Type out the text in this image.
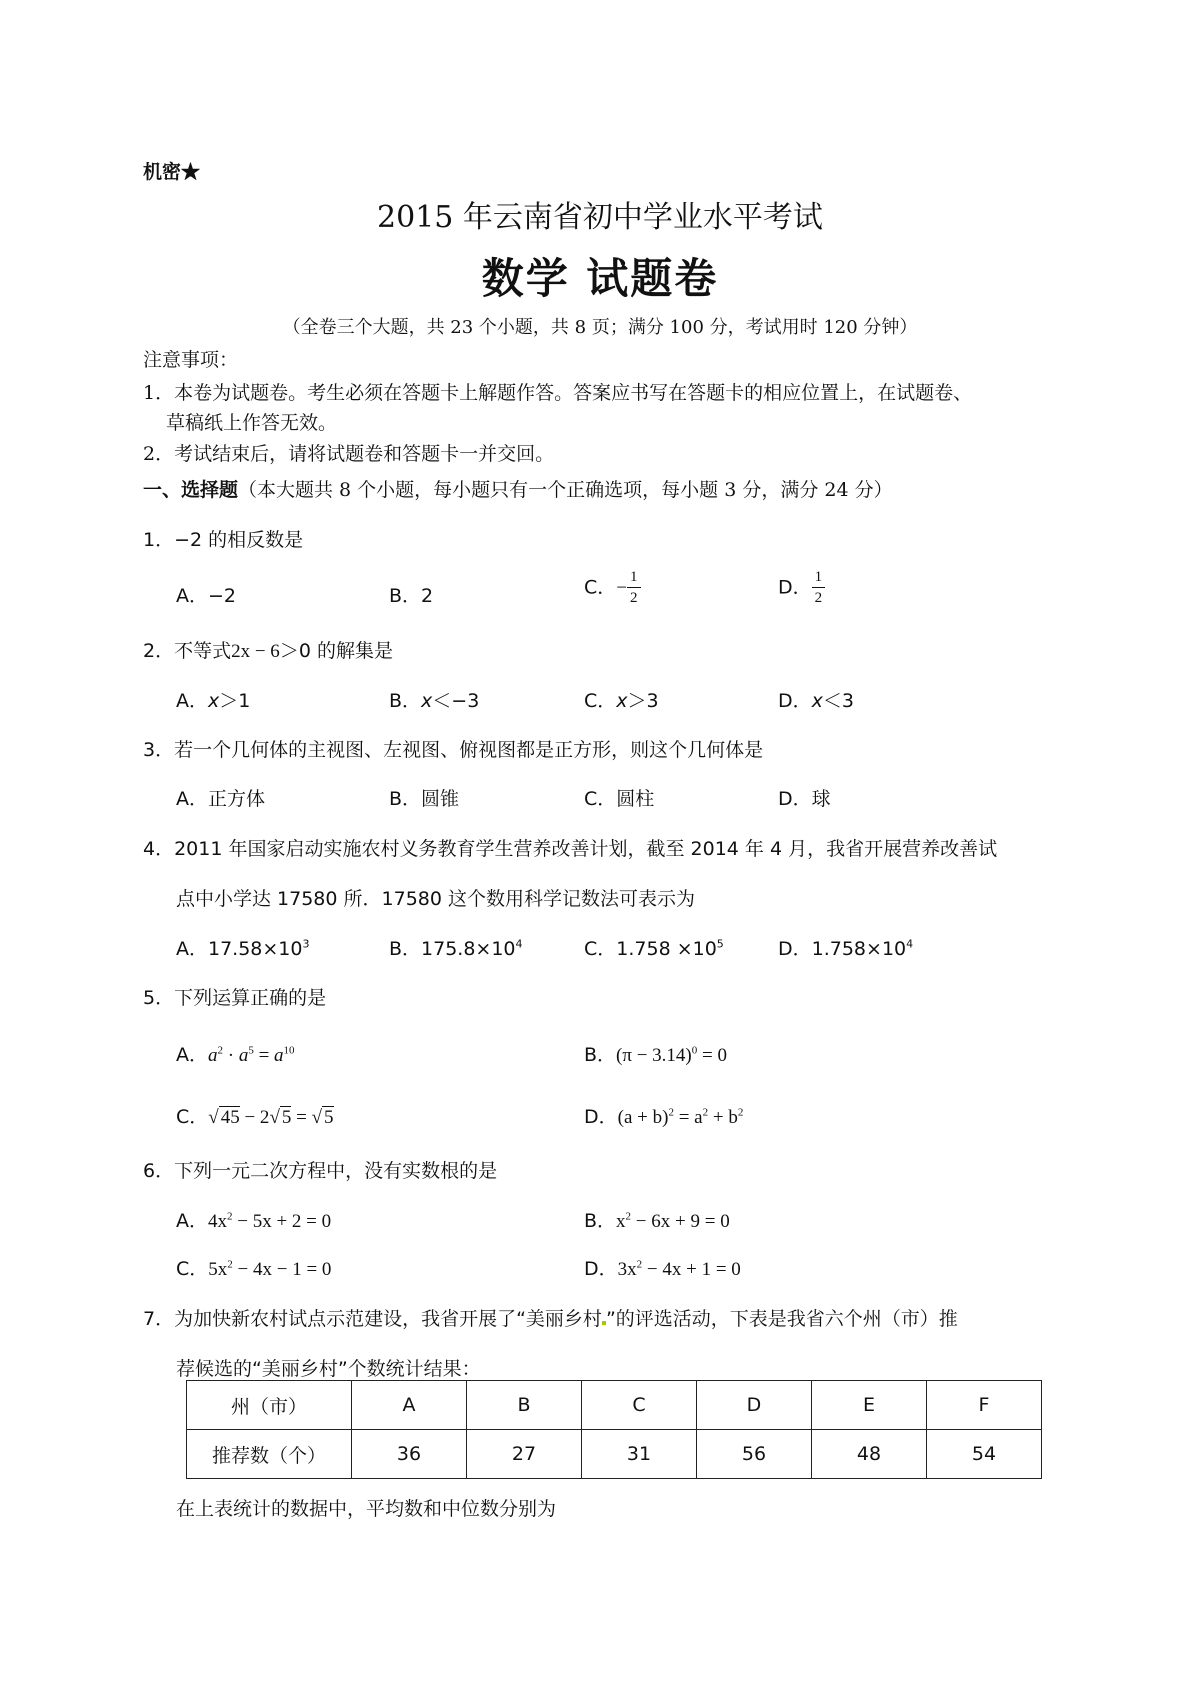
机密★
2015 年云南省初中学业水平考试
数学 试题卷
（全卷三个大题，共 23 个小题，共 8 页；满分 100 分，考试用时 120 分钟）
注意事项：
1．本卷为试题卷。考生必须在答题卡上解题作答。答案应书写在答题卡的相应位置上，在试题卷、
草稿纸上作答无效。
2．考试结束后，请将试题卷和答题卡一并交回。
一、选择题（本大题共 8 个小题，每小题只有一个正确选项，每小题 3 分，满分 24 分）
1．−2 的相反数是
A．−2	B．2	C．− $\frac{1}{2}$	D． $\frac{1}{2}$
2．不等式2x − 6＞0 的解集是
A．x＞1	B．x＜−3	C．x＞3	D．x＜3
3．若一个几何体的主视图、左视图、俯视图都是正方形，则这个几何体是
A．正方体	B．圆锥	C．圆柱	D．球
4．2011 年国家启动实施农村义务教育学生营养改善计划，截至 2014 年 4 月，我省开展营养改善试
点中小学达 17580 所．17580 这个数用科学记数法可表示为
A．$17.58\times 10^3$	B．$175.8\times 10^4$	C．$1.758 \times 10^5$	D．$1.758\times 10^4$
5．下列运算正确的是
A．$a^2 \cdot a^5 = a^{10}$	B．$(\pi - 3.14)^0 = 0$
C．√ 45 − 2√ 5 = √ 5	D．$(a + b)^2 = a^2 + b^2$
6．下列一元二次方程中，没有实数根的是
A．$4x^2 - 5x + 2 = 0$	B．$x^2 - 6x + 9 = 0$
C．$5x^2 - 4x - 1 = 0$	D．$3x^2 - 4x + 1 = 0$
7．为加快新农村试点示范建设，我省开展了“美丽乡村 ”的评选活动，下表是我省六个州（市）推
荐候选的“美丽乡村”个数统计结果：
州（市）	A	B	C	D	E	F
推荐数（个）	36	27	31	56	48	54
在上表统计的数据中，平均数和中位数分别为
